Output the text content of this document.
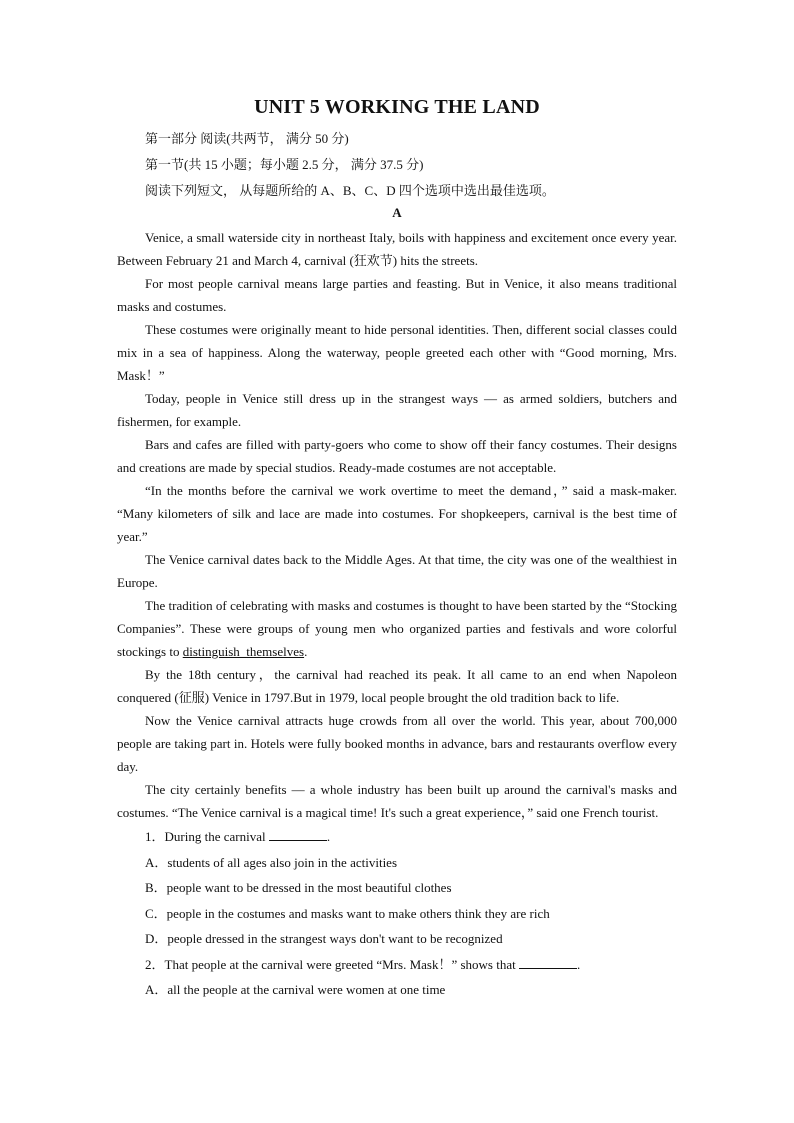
UNIT 5 WORKING THE LAND
第一部分 阅读(共两节， 满分 50 分)
第一节(共 15 小题；每小题 2.5 分， 满分 37.5 分)
阅读下列短文， 从每题所给的 A、B、C、D 四个选项中选出最佳选项。
A

Venice, a small waterside city in northeast Italy, boils with happiness and excitement once every year. Between February 21 and March 4, carnival (狂欢节) hits the streets.

For most people carnival means large parties and feasting. But in Venice, it also means traditional masks and costumes.

These costumes were originally meant to hide personal identities. Then, different social classes could mix in a sea of happiness. Along the waterway, people greeted each other with “Good morning, Mrs. Mask！”

Today, people in Venice still dress up in the strangest ways — as armed soldiers, butchers and fishermen, for example.

Bars and cafes are filled with party-goers who come to show off their fancy costumes. Their designs and creations are made by special studios. Ready-made costumes are not acceptable.

“In the months before the carnival we work overtime to meet the demand，” said a mask-maker. “Many kilometers of silk and lace are made into costumes. For shopkeepers, carnival is the best time of year.”

The Venice carnival dates back to the Middle Ages. At that time, the city was one of the wealthiest in Europe.

The tradition of celebrating with masks and costumes is thought to have been started by the “Stocking Companies”. These were groups of young men who organized parties and festivals and wore colorful stockings to distinguish_themselves.

By the 18th century，the carnival had reached its peak. It all came to an end when Napoleon conquered (征服) Venice in 1797.But in 1979, local people brought the old tradition back to life.

Now the Venice carnival attracts huge crowds from all over the world. This year, about 700,000 people are taking part in. Hotels were fully booked months in advance, bars and restaurants overflow every day.

The city certainly benefits — a whole industry has been built up around the carnival's masks and costumes. “The Venice carnival is a magical time! It's such a great experience，” said one French tourist.

1．During the carnival	.

A．students of all ages also join in the activities

B．people want to be dressed in the most beautiful clothes

C．people in the costumes and masks want to make others think they are rich

D．people dressed in the strangest ways don't want to be recognized

2．That people at the carnival were greeted “Mrs. Mask！” shows that	.

A．all the people at the carnival were women at one time
